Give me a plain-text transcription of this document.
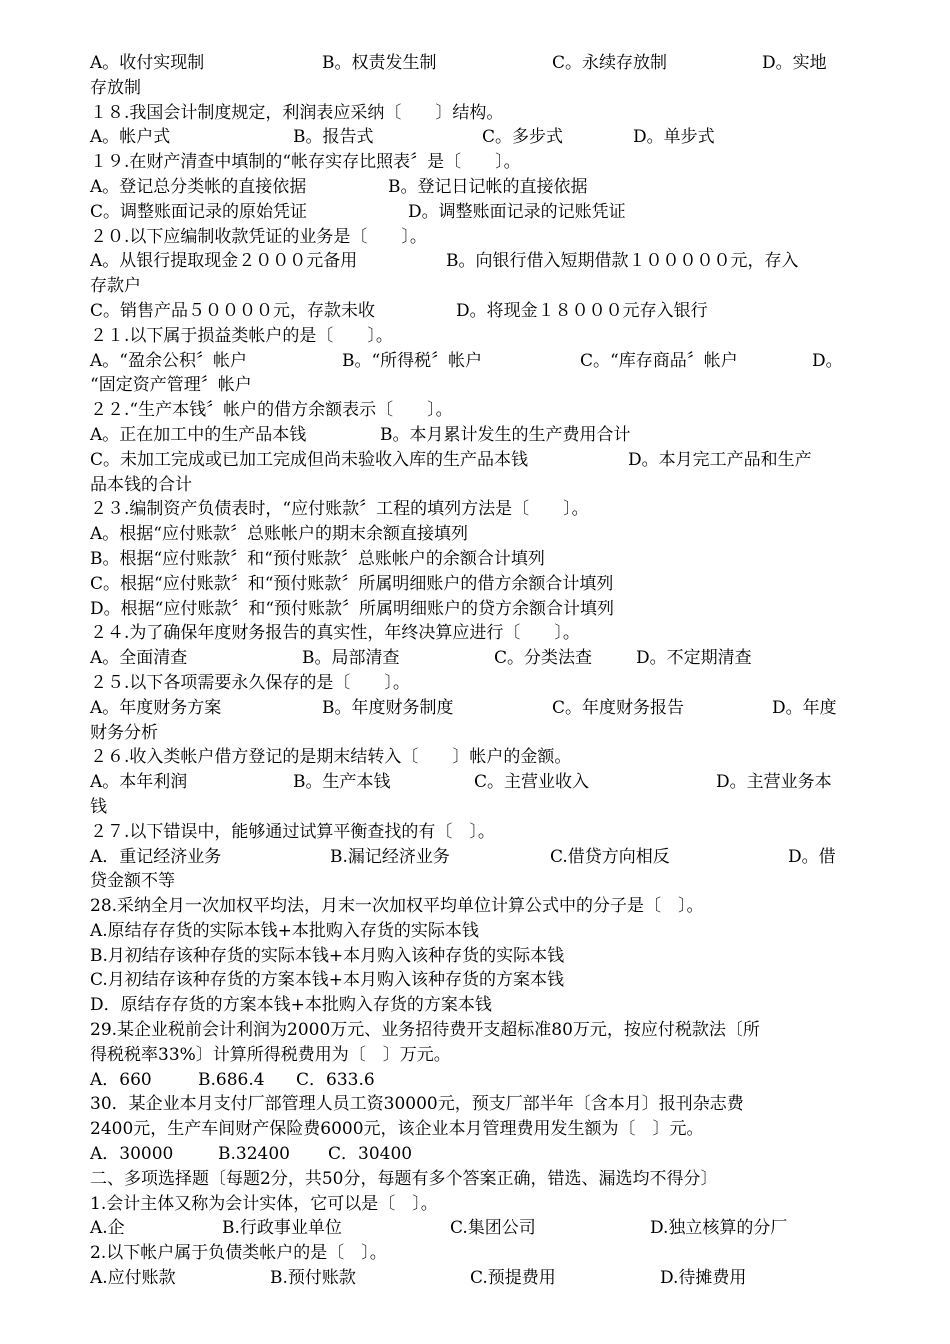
A。收付实现制	B。权责发生制	C。永续存放制	D。实地
存放制
１８.我国会计制度规定，利润表应采纳〔　　〕结构。
A。帐户式	B。报告式	C。多步式	D。单步式
１９.在财产清查中填制的“帐存实存比照表〞是〔　　〕。
A。登记总分类帐的直接依据	B。登记日记帐的直接依据
C。调整账面记录的原始凭证	D。调整账面记录的记账凭证
２０.以下应编制收款凭证的业务是〔　　〕。
A。从银行提取现金２０００元备用	B。向银行借入短期借款１０００００元，存入
存款户
C。销售产品５００００元，存款未收	D。将现金１８０００元存入银行
２１.以下属于损益类帐户的是〔　　〕。
A。“盈余公积〞帐户	B。“所得税〞帐户	C。“库存商品〞帐户	D。
“固定资产管理〞帐户
２２.“生产本钱〞帐户的借方余额表示〔　　〕。
A。正在加工中的生产品本钱	B。本月累计发生的生产费用合计
C。未加工完成或已加工完成但尚未验收入库的生产品本钱	D。本月完工产品和生产
品本钱的合计
２３.编制资产负债表时，“应付账款〞工程的填列方法是〔　　〕。
A。根据“应付账款〞总账帐户的期末余额直接填列
B。根据“应付账款〞和“预付账款〞总账帐户的余额合计填列
C。根据“应付账款〞和“预付账款〞所属明细账户的借方余额合计填列
D。根据“应付账款〞和“预付账款〞所属明细账户的贷方余额合计填列
２４.为了确保年度财务报告的真实性，年终决算应进行〔　　〕。
A。全面清查	B。局部清查	C。分类法查	D。不定期清查
２５.以下各项需要永久保存的是〔　　〕。
A。年度财务方案	B。年度财务制度	C。年度财务报告	D。年度
财务分析
２６.收入类帐户借方登记的是期末结转入〔　　〕帐户的金额。
A。本年利润	B。生产本钱	C。主营业收入	D。主营业务本
钱
２７.以下错误中，能够通过试算平衡查找的有〔　〕。
A．重记经济业务	B.漏记经济业务	C.借贷方向相反	D。借
贷金额不等
28.采纳全月一次加权平均法，月末一次加权平均单位计算公式中的分子是〔　〕。
A.原结存存货的实际本钱+本批购入存货的实际本钱
B.月初结存该种存货的实际本钱+本月购入该种存货的实际本钱
C.月初结存该种存货的方案本钱+本月购入该种存货的方案本钱
D．原结存存货的方案本钱+本批购入存货的方案本钱
29.某企业税前会计利润为2000万元、业务招待费开支超标准80万元，按应付税款法〔所
得税税率33%〕计算所得税费用为〔　〕万元。
A．660	B.686.4 C．633.6
30．某企业本月支付厂部管理人员工资30000元，预支厂部半年〔含本月〕报刊杂志费
2400元，生产车间财产保险费6000元，该企业本月管理费用发生额为〔　〕元。
A．30000	B.32400 C．30400
二、多项选择题〔每题2分，共50分，每题有多个答案正确，错选、漏选均不得分〕
1.会计主体又称为会计实体，它可以是〔　〕。
A.企	B.行政事业单位	C.集团公司	D.独立核算的分厂
2.以下帐户属于负债类帐户的是〔　〕。
A.应付账款	B.预付账款	C.预提费用	D.待摊费用
